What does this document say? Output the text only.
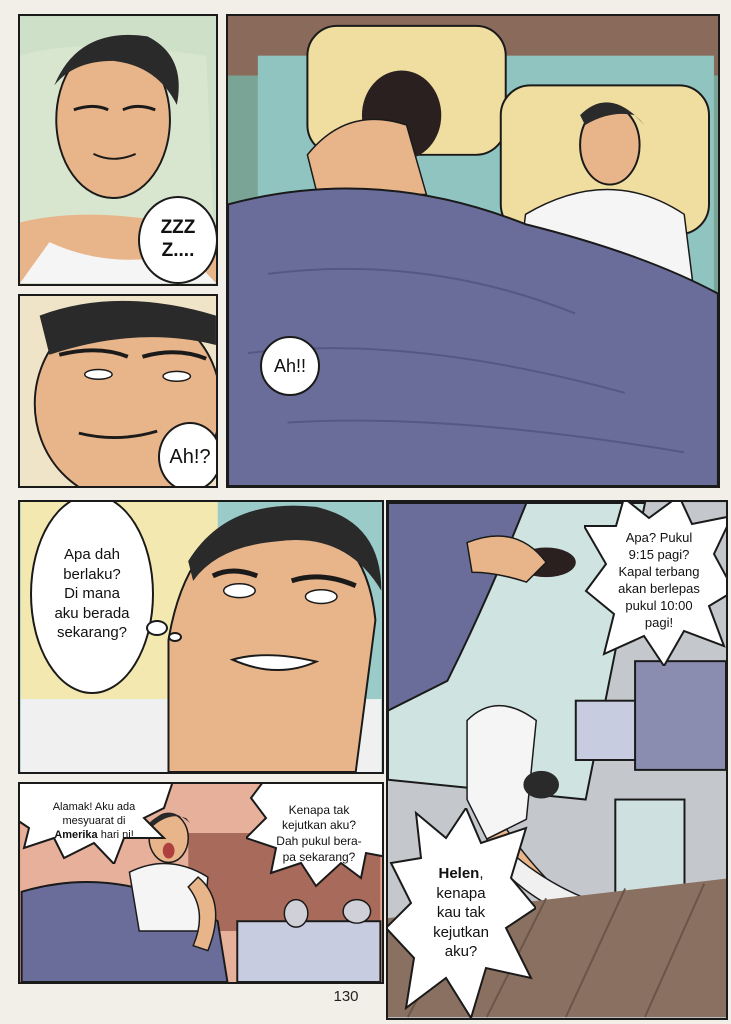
ZZZ
Z....
Ah!!
Ah!?
Apa dah
berlaku?
Di mana
aku berada
sekarang?
Apa? Pukul
9:15 pagi?
Kapal terbang
akan berlepas
pukul 10:00
pagi!
Helen,
kenapa
kau tak
kejutkan
aku?
Alamak! Aku ada
mesyuarat di
Amerika hari ni!
Kenapa tak
kejutkan aku?
Dah pukul bera-
pa sekarang?
130
